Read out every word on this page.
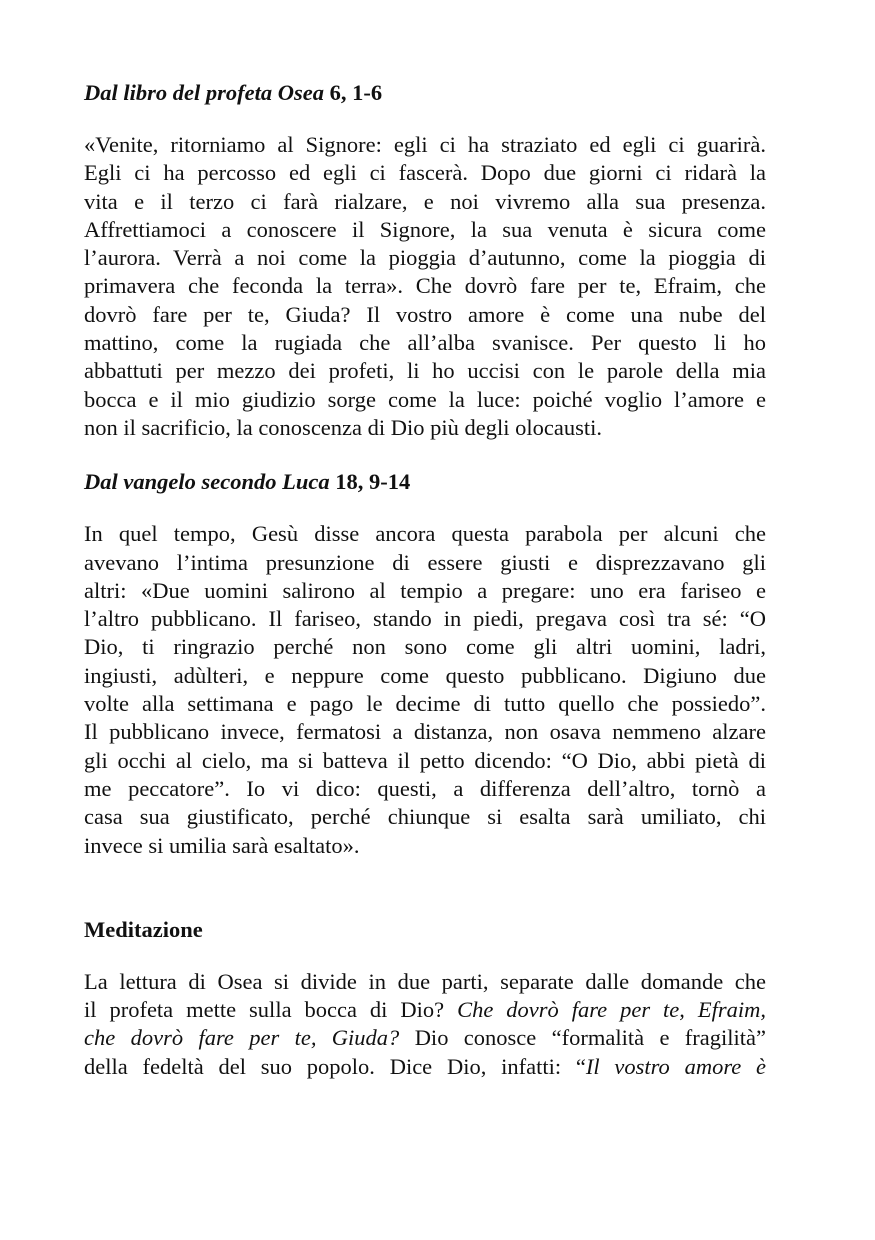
Dal libro del profeta Osea 6, 1-6

«Venite, ritorniamo al Signore: egli ci ha straziato ed egli ci guarirà.
Egli ci ha percosso ed egli ci fascerà. Dopo due giorni ci ridarà la
vita e il terzo ci farà rialzare, e noi vivremo alla sua presenza.
Affrettiamoci a conoscere il Signore, la sua venuta è sicura come
l’aurora. Verrà a noi come la pioggia d’autunno, come la pioggia di
primavera che feconda la terra». Che dovrò fare per te, Efraim, che
dovrò fare per te, Giuda? Il vostro amore è come una nube del
mattino, come la rugiada che all’alba svanisce. Per questo li ho
abbattuti per mezzo dei profeti, li ho uccisi con le parole della mia
bocca e il mio giudizio sorge come la luce: poiché voglio l’amore e
non il sacrificio, la conoscenza di Dio più degli olocausti.

Dal vangelo secondo Luca 18, 9-14

In quel tempo, Gesù disse ancora questa parabola per alcuni che
avevano l’intima presunzione di essere giusti e disprezzavano gli
altri: «Due uomini salirono al tempio a pregare: uno era fariseo e
l’altro pubblicano. Il fariseo, stando in piedi, pregava così tra sé: “O
Dio, ti ringrazio perché non sono come gli altri uomini, ladri,
ingiusti, adùlteri, e neppure come questo pubblicano. Digiuno due
volte alla settimana e pago le decime di tutto quello che possiedo”.
Il pubblicano invece, fermatosi a distanza, non osava nemmeno alzare
gli occhi al cielo, ma si batteva il petto dicendo: “O Dio, abbi pietà di
me peccatore”. Io vi dico: questi, a differenza dell’altro, tornò a
casa sua giustificato, perché chiunque si esalta sarà umiliato, chi
invece si umilia sarà esaltato».

Meditazione

La lettura di Osea si divide in due parti, separate dalle domande che
il profeta mette sulla bocca di Dio? Che dovrò fare per te, Efraim,
che dovrò fare per te, Giuda? Dio conosce “formalità e fragilità”
della fedeltà del suo popolo. Dice Dio, infatti: “Il vostro amore è
